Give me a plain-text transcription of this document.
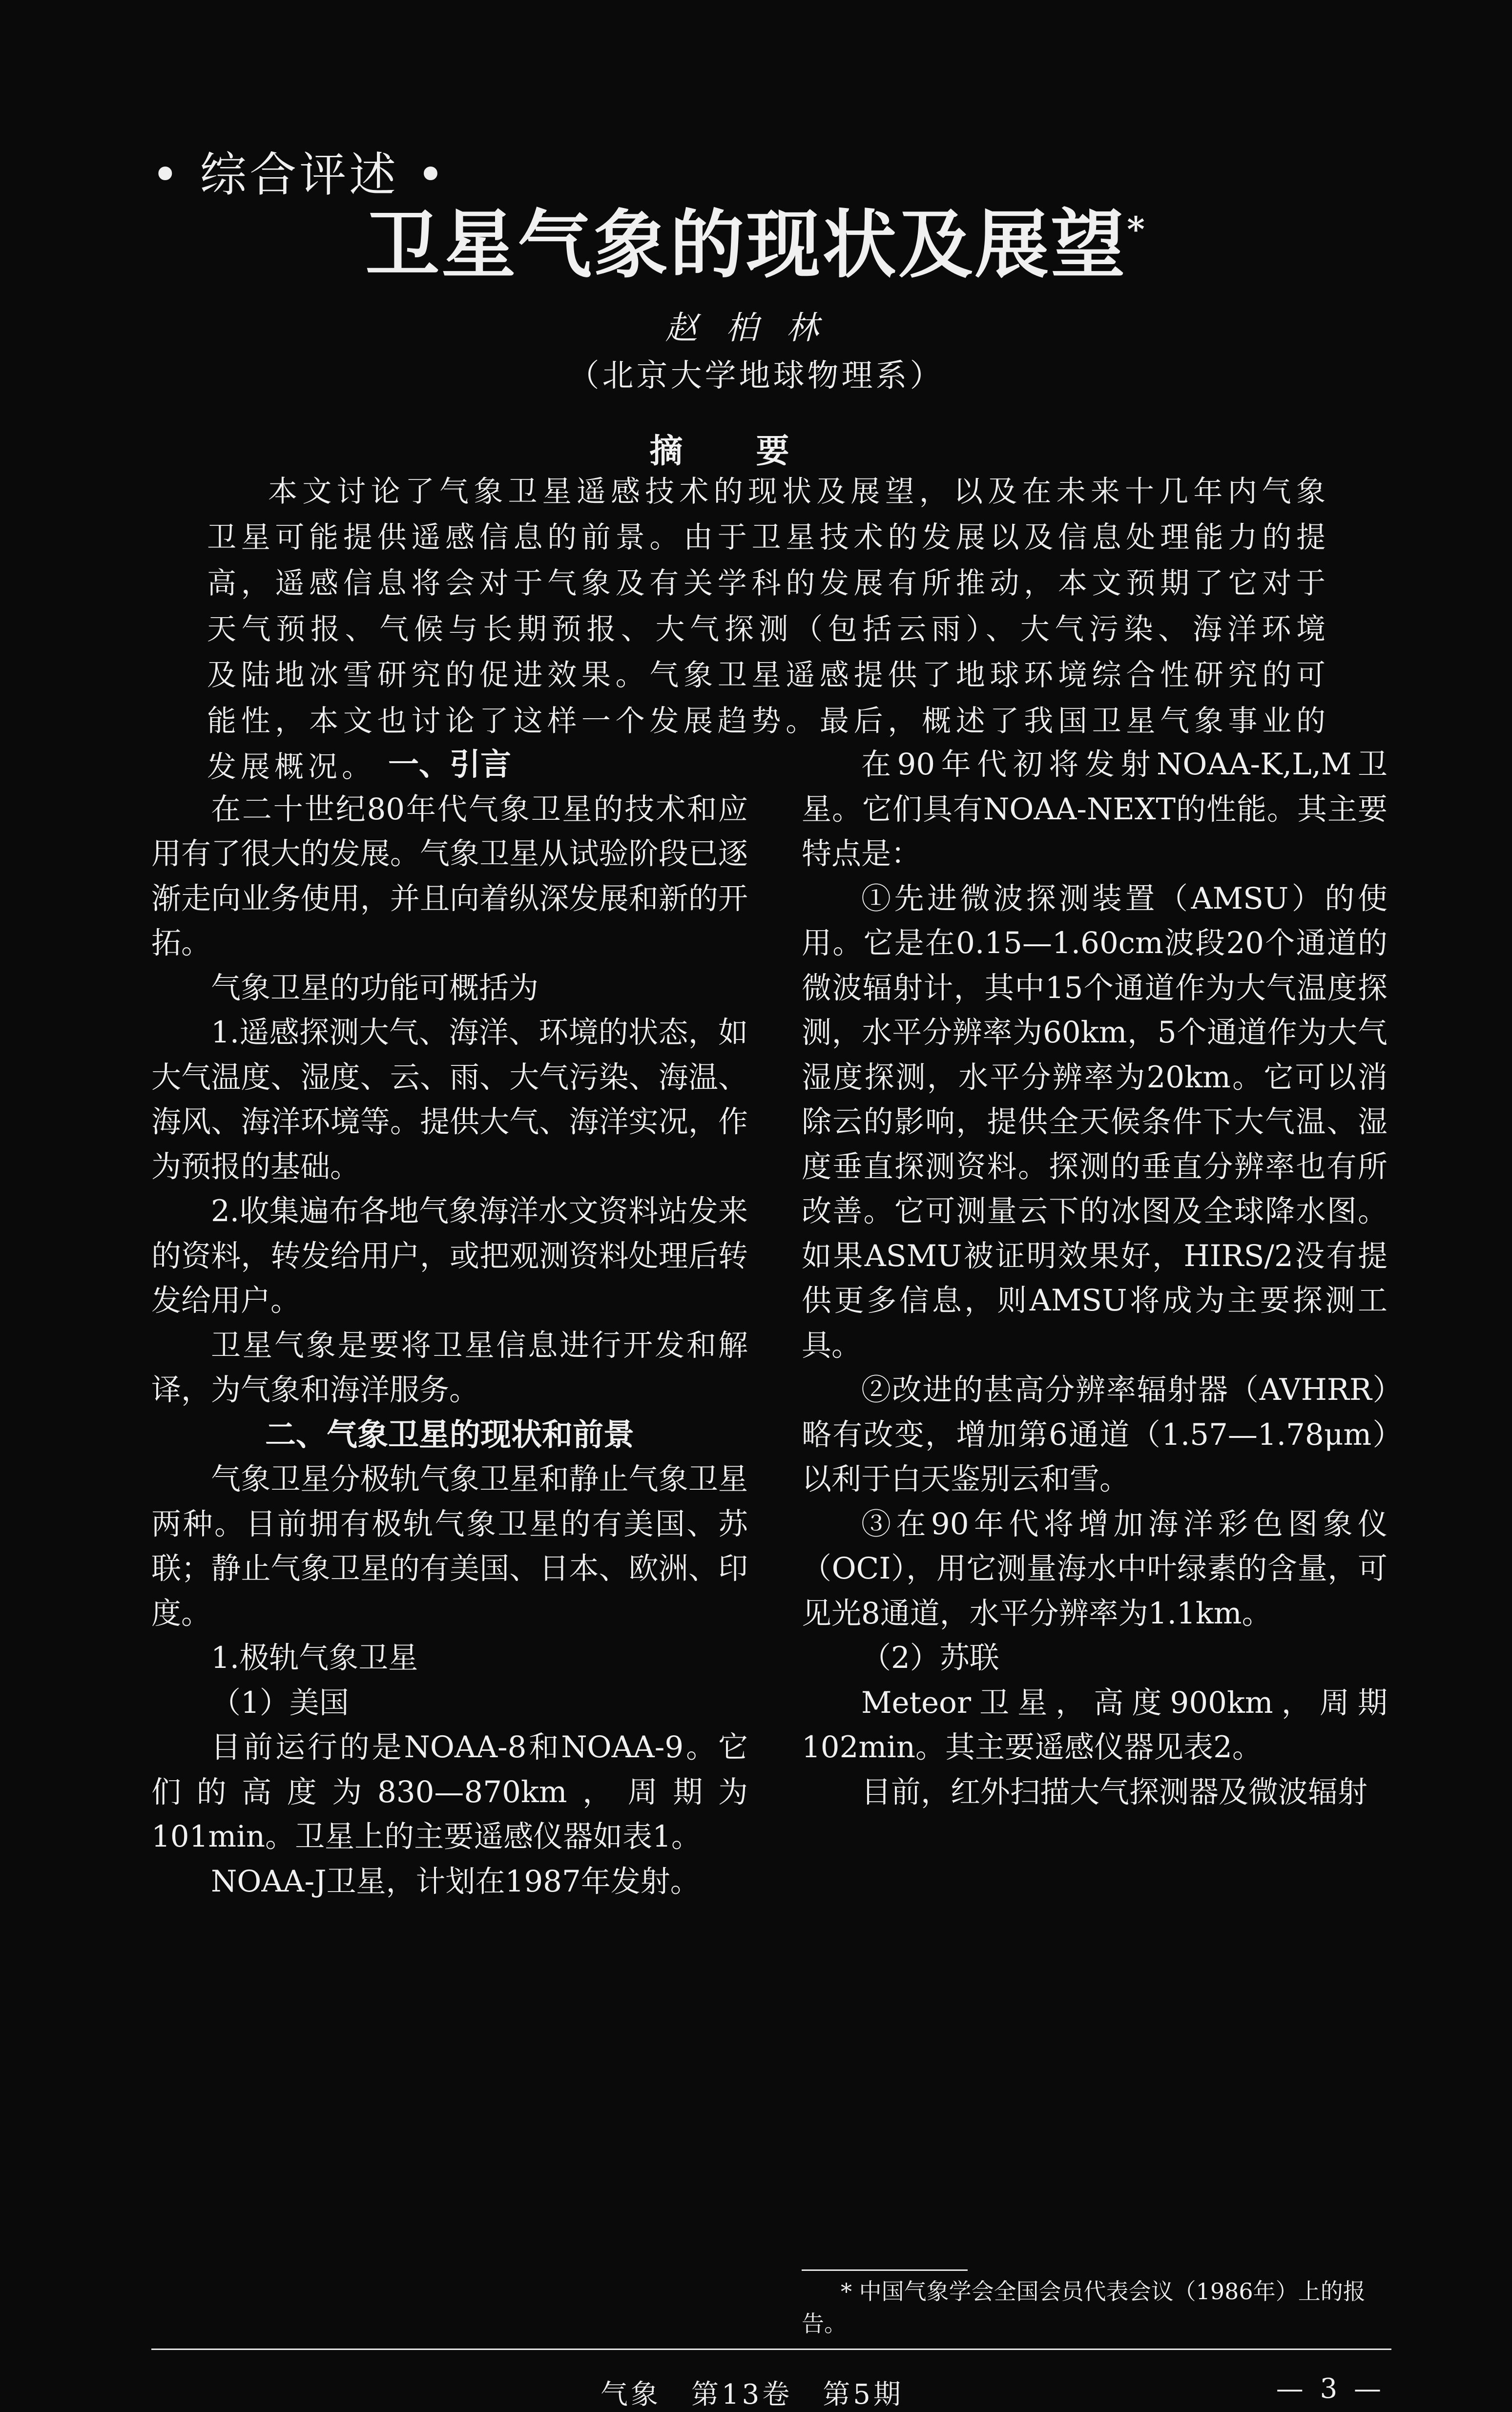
• 综合评述 •
卫星气象的现状及展望*
赵柏林
（北京大学地球物理系）
摘要

本文讨论了气象卫星遥感技术的现状及展望，以及在未来十几年内气象卫星可能提供遥感信息的前景。由于卫星技术的发展以及信息处理能力的提高，遥感信息将会对于气象及有关学科的发展有所推动，本文预期了它对于天气预报、气候与长期预报、大气探测（包括云雨）、大气污染、海洋环境及陆地冰雪研究的促进效果。气象卫星遥感提供了地球环境综合性研究的可能性，本文也讨论了这样一个发展趋势。最后，概述了我国卫星气象事业的发展概况。 一、引言

在二十世纪80年代气象卫星的技术和应用有了很大的发展。气象卫星从试验阶段已逐渐走向业务使用，并且向着纵深发展和新的开拓。

气象卫星的功能可概括为

1.遥感探测大气、海洋、环境的状态，如大气温度、湿度、云、雨、大气污染、海温、海风、海洋环境等。提供大气、海洋实况，作为预报的基础。

2.收集遍布各地气象海洋水文资料站发来的资料，转发给用户，或把观测资料处理后转发给用户。

卫星气象是要将卫星信息进行开发和解译，为气象和海洋服务。

二、气象卫星的现状和前景

气象卫星分极轨气象卫星和静止气象卫星两种。目前拥有极轨气象卫星的有美国、苏联；静止气象卫星的有美国、日本、欧洲、印度。

1.极轨气象卫星

（1）美国

目前运行的是NOAA-8和NOAA-9。它们的高度为830—870km，周期为101min。卫星上的主要遥感仪器如表1。

NOAA-J卫星，计划在1987年发射。

在90年代初将发射NOAA-K,L,M卫星。它们具有NOAA-NEXT的性能。其主要特点是：

①先进微波探测装置（AMSU）的使用。它是在0.15—1.60cm波段20个通道的微波辐射计，其中15个通道作为大气温度探测，水平分辨率为60km，5个通道作为大气湿度探测，水平分辨率为20km。它可以消除云的影响，提供全天候条件下大气温、湿度垂直探测资料。探测的垂直分辨率也有所改善。它可测量云下的冰图及全球降水图。如果ASMU被证明效果好，HIRS/2没有提供更多信息，则AMSU将成为主要探测工具。

②改进的甚高分辨率辐射器（AVHRR）略有改变，增加第6通道（1.57—1.78μm）以利于白天鉴别云和雪。

③在90年代将增加海洋彩色图象仪（OCI），用它测量海水中叶绿素的含量，可见光8通道，水平分辨率为1.1km。

（2）苏联

Meteor卫星，高度900km，周期102min。其主要遥感仪器见表2。

目前，红外扫描大气探测器及微波辐射

* 中国气象学会全国会员代表会议（1986年）上的报告。

气象　第13卷　第5期	— 3 —
